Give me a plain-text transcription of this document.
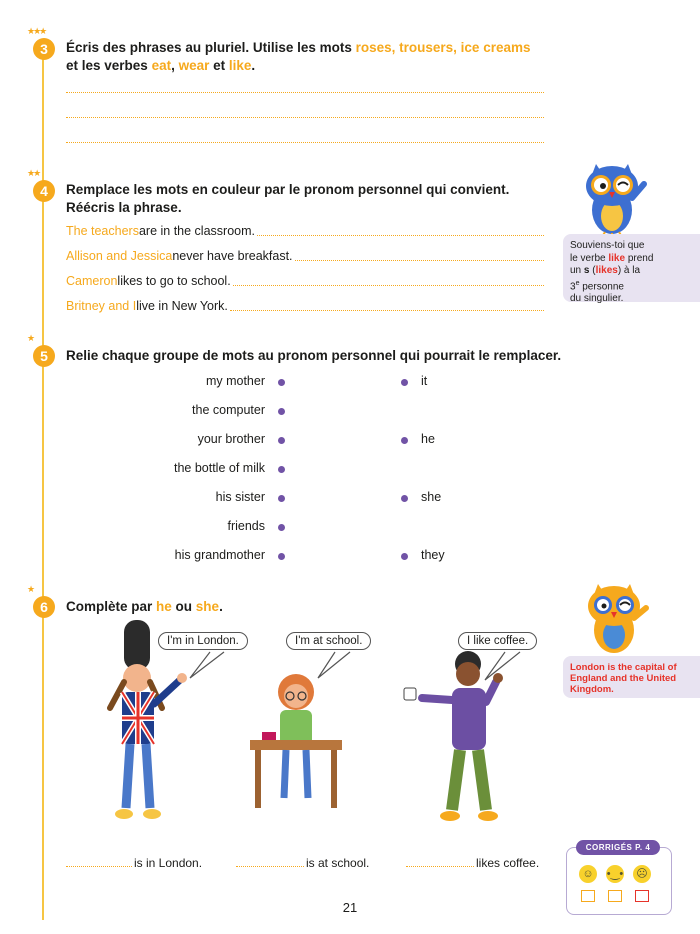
★★★
3	Écris des phrases au pluriel. Utilise les mots roses, trousers, ice creams
et les verbes eat, wear et like.
★★
4	Remplace les mots en couleur par le pronom personnel qui convient.
Réécris la phrase.
The teachers are in the classroom.
Allison and Jessica never have breakfast.
Cameron likes to go to school.
Britney and I live in New York.
Souviens-toi que
le verbe like prend
un s (likes) à la
3e personne
du singulier.
★
5	Relie chaque groupe de mots au pronom personnel qui pourrait le remplacer.
my mother
the computer
your brother
the bottle of milk
his sister
friends
his grandmother
it
he
she
they
★
6	Complète par he ou she.
I'm in London.	I'm at school.	I like coffee.
is in London.	is at school.	likes coffee.
London is the capital of England and the United Kingdom.
CORRIGÉS P. 4
☺	•‿• ☹
21
